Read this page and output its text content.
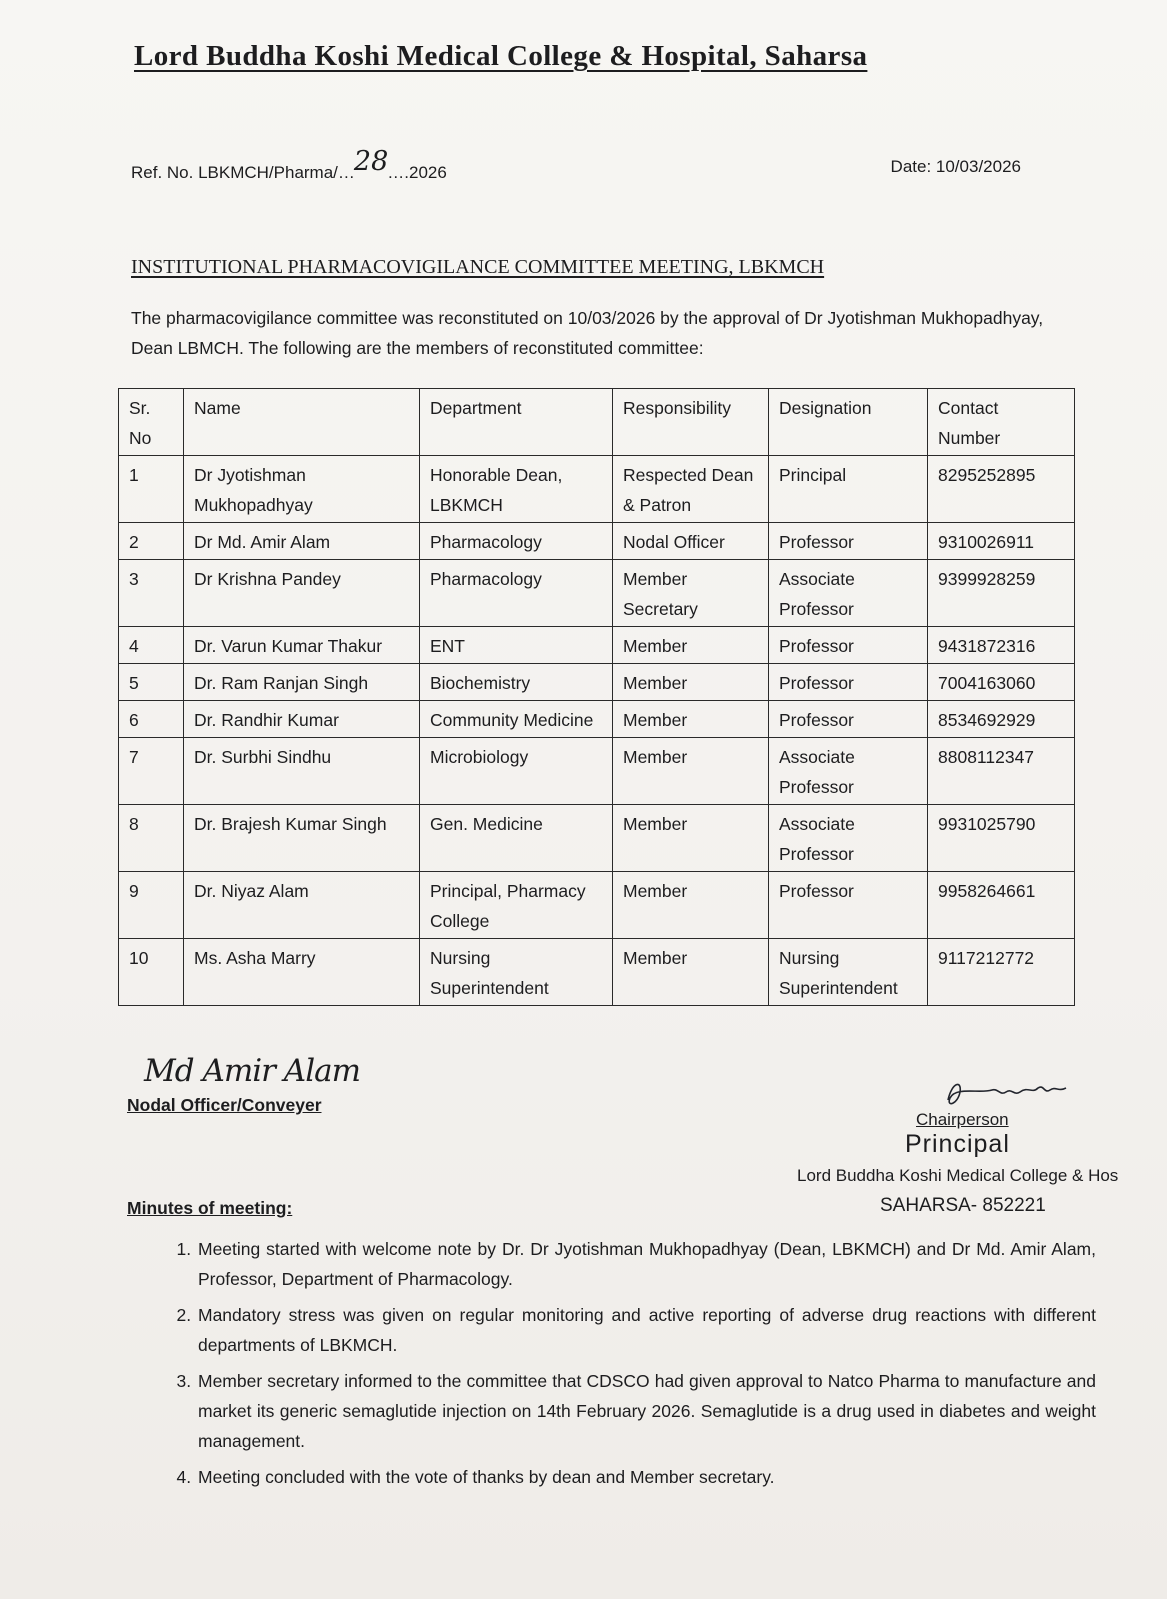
Lord Buddha Koshi Medical College & Hospital, Saharsa
Ref. No. LBKMCH/Pharma/…28….2026	Date: 10/03/2026
INSTITUTIONAL PHARMACOVIGILANCE COMMITTEE MEETING, LBKMCH
The pharmacovigilance committee was reconstituted on 10/03/2026 by the approval of Dr Jyotishman Mukhopadhyay, Dean LBMCH. The following are the members of reconstituted committee:
Sr. No	Name	Department	Responsibility	Designation	Contact Number
1	Dr Jyotishman Mukhopadhyay	Honorable Dean, LBKMCH	Respected Dean & Patron	Principal	8295252895
2	Dr Md. Amir Alam	Pharmacology	Nodal Officer	Professor	9310026911
3	Dr Krishna Pandey	Pharmacology	Member Secretary	Associate Professor	9399928259
4	Dr. Varun Kumar Thakur	ENT	Member	Professor	9431872316
5	Dr. Ram Ranjan Singh	Biochemistry	Member	Professor	7004163060
6	Dr. Randhir Kumar	Community Medicine	Member	Professor	8534692929
7	Dr. Surbhi Sindhu	Microbiology	Member	Associate Professor	8808112347
8	Dr. Brajesh Kumar Singh	Gen. Medicine	Member	Associate Professor	9931025790
9	Dr. Niyaz Alam	Principal, Pharmacy College	Member	Professor	9958264661
10	Ms. Asha Marry	Nursing Superintendent	Member	Nursing Superintendent	9117212772
Md Amir Alam
Nodal Officer/Conveyer
Chairperson
Principal
Lord Buddha Koshi Medical College & Hos
SAHARSA- 852221
Minutes of meeting:
1. Meeting started with welcome note by Dr. Dr Jyotishman Mukhopadhyay (Dean, LBKMCH) and Dr Md. Amir Alam, Professor, Department of Pharmacology.
2. Mandatory stress was given on regular monitoring and active reporting of adverse drug reactions with different departments of LBKMCH.
3. Member secretary informed to the committee that CDSCO had given approval to Natco Pharma to manufacture and market its generic semaglutide injection on 14th February 2026. Semaglutide is a drug used in diabetes and weight management.
4. Meeting concluded with the vote of thanks by dean and Member secretary.
